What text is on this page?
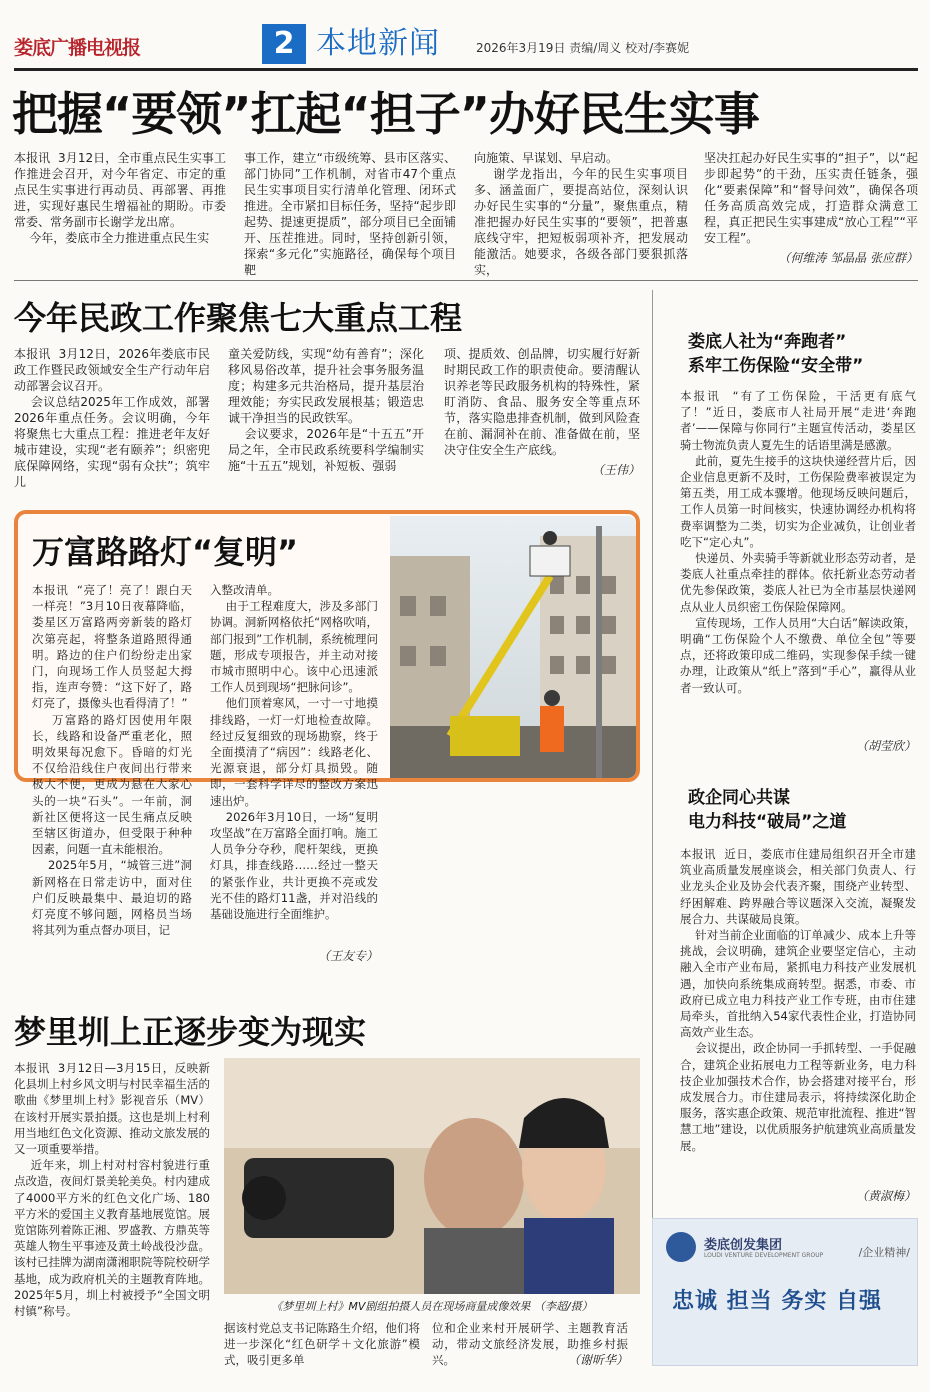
娄底广播电视报	2 本地新闻	2026年3月19日 责编/周义 校对/李赛妮
把握“要领”扛起“担子”办好民生实事
本报讯  3月12日，全市重点民生实事工作推进会召开，对今年省定、市定的重点民生实事进行再动员、再部署、再推进，实现好惠民生增福祉的期盼。市委常委、常务副市长谢学龙出席。
今年，娄底市全力推进重点民生实
事工作，建立“市级统筹、县市区落实、部门协同”工作机制，对省市47个重点民生实事项目实行清单化管理、闭环式推进。全市紧扣目标任务，坚持“起步即起势、提速更提质”，部分项目已全面铺开、压茬推进。同时，坚持创新引领，探索“多元化”实施路径，确保每个项目靶
向施策、早谋划、早启动。
谢学龙指出，今年的民生实事项目多、涵盖面广，要提高站位，深刻认识办好民生实事的“分量”，聚焦重点，精准把握办好民生实事的“要领”，把普惠底线守牢，把短板弱项补齐，把发展动能激活。她要求，各级各部门要狠抓落实，
坚决扛起办好民生实事的“担子”，以“起步即起势”的干劲，压实责任链条，强化“要素保障”和“督导问效”，确保各项任务高质高效完成，打造群众满意工程，真正把民生实事建成“放心工程”“平安工程”。
（何维涛 邹晶晶 张应群）
今年民政工作聚焦七大重点工程
本报讯  3月12日，2026年娄底市民政工作暨民政领域安全生产行动年启动部署会议召开。
会议总结2025年工作成效，部署2026年重点任务。会议明确，今年将聚焦七大重点工程：推进老年友好城市建设，实现“老有颐养”；织密兜底保障网络，实现“弱有众扶”；筑牢儿
童关爱防线，实现“幼有善育”；深化移风易俗改革，提升社会事务服务温度；构建多元共治格局，提升基层治理效能；夯实民政发展根基；锻造忠诚干净担当的民政铁军。
会议要求，2026年是“十五五”开局之年，全市民政系统要科学编制实施“十五五”规划，补短板、强弱
项、提质效、创品牌，切实履行好新时期民政工作的职责使命。要清醒认识养老等民政服务机构的特殊性，紧盯消防、食品、服务安全等重点环节，落实隐患排查机制，做到风险查在前、漏洞补在前、准备做在前，坚决守住安全生产底线。
（王伟）
万富路路灯“复明”
本报讯  “亮了！亮了！跟白天一样亮！”3月10日夜幕降临，娄星区万富路两旁新装的路灯次第亮起，将整条道路照得通明。路边的住户们纷纷走出家门，向现场工作人员竖起大拇指，连声夸赞：“这下好了，路灯亮了，摄像头也看得清了！”
万富路的路灯因使用年限长，线路和设备严重老化，照明效果每况愈下。昏暗的灯光不仅给沿线住户夜间出行带来极大不便，更成为悬在大家心头的一块“石头”。一年前，洞新社区便将这一民生痛点反映至辖区街道办，但受限于种种因素，问题一直未能根治。
2025年5月，“城管三进”洞新网格在日常走访中，面对住户们反映最集中、最迫切的路灯亮度不够问题，网格员当场将其列为重点督办项目，记
入整改清单。
由于工程难度大，涉及多部门协调。洞新网格依托“网格吹哨，部门报到”工作机制，系统梳理问题，形成专项报告，并主动对接市城市照明中心。该中心迅速派工作人员到现场“把脉问诊”。
他们顶着寒风，一寸一寸地摸排线路，一灯一灯地检查故障。经过反复细致的现场勘察，终于全面摸清了“病因”：线路老化、光源衰退，部分灯具损毁。随即，一套科学详尽的整改方案迅速出炉。
2026年3月10日，一场“复明攻坚战”在万富路全面打响。施工人员争分夺秒，爬杆架线，更换灯具，排查线路……经过一整天的紧张作业，共计更换不亮或发光不佳的路灯11盏，并对沿线的基础设施进行全面维护。
（王友专）
梦里圳上正逐步变为现实
本报讯  3月12日—3月15日，反映新化县圳上村乡风文明与村民幸福生活的歌曲《梦里圳上村》影视音乐（MV）在该村开展实景拍摄。这也是圳上村利用当地红色文化资源、推动文旅发展的又一项重要举措。
近年来，圳上村对村容村貌进行重点改造，夜间灯景美轮美奂。村内建成了4000平方米的红色文化广场、180平方米的爱国主义教育基地展览馆。展览馆陈列着陈正湘、罗盛教、方鼎英等英雄人物生平事迹及黄土岭战役沙盘。该村已挂牌为湖南潇湘职院等院校研学基地，成为政府机关的主题教育阵地。2025年5月，圳上村被授予“全国文明村镇”称号。	《梦里圳上村》MV剧组拍摄人员在现场商量成像效果 （李超/摄）
据该村党总支书记陈路生介绍，他们将进一步深化“红色研学＋文化旅游”模式，吸引更多单
位和企业来村开展研学、主题教育活动，带动文旅经济发展，助推乡村振兴。	（谢昕华）
娄底人社为“奔跑者”
系牢工伤保险“安全带”
本报讯  “有了工伤保险，干活更有底气了！”近日，娄底市人社局开展“走进‘奔跑者’——保障与你同行”主题宣传活动，娄星区骑士物流负责人夏先生的话语里满是感激。
此前，夏先生接手的这块快递经营片后，因企业信息更新不及时，工伤保险费率被误定为第五类，用工成本骤增。他现场反映问题后，工作人员第一时间核实，快速协调经办机构将费率调整为二类，切实为企业减负，让创业者吃下“定心丸”。
快递员、外卖骑手等新就业形态劳动者，是娄底人社重点牵挂的群体。依托新业态劳动者优先参保政策，娄底人社已为全市基层快递网点从业人员织密工伤保险保障网。
宣传现场，工作人员用“大白话”解读政策，明确“工伤保险个人不缴费、单位全包”等要点，还将政策印成二维码，实现参保手续一键办理，让政策从“纸上”落到“手心”，赢得从业者一致认可。
（胡莹欣）
政企同心共谋
电力科技“破局”之道
本报讯  近日，娄底市住建局组织召开全市建筑业高质量发展座谈会，相关部门负责人、行业龙头企业及协会代表齐聚，围绕产业转型、纾困解难、跨界融合等议题深入交流，凝聚发展合力、共谋破局良策。
针对当前企业面临的订单减少、成本上升等挑战，会议明确，建筑企业要坚定信心，主动融入全市产业布局，紧抓电力科技产业发展机遇，加快向系统集成商转型。据悉，市委、市政府已成立电力科技产业工作专班，由市住建局牵头，首批纳入54家代表性企业，打造协同高效产业生态。
会议提出，政企协同一手抓转型、一手促融合，建筑企业拓展电力工程等新业务，电力科技企业加强技术合作，协会搭建对接平台，形成发展合力。市住建局表示，将持续深化助企服务，落实惠企政策、规范审批流程、推进“智慧工地”建设，以优质服务护航建筑业高质量发展。
（黄淑梅）
娄底创发集团
LOUDI VENTURE DEVELOPMENT GROUP	/企业精神/
忠诚 担当 务实 自强
